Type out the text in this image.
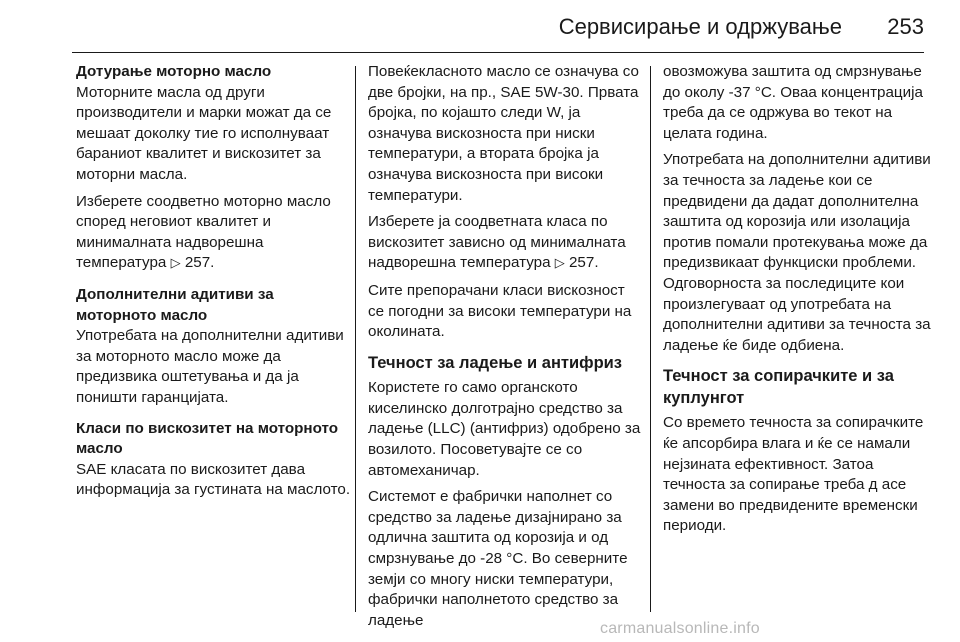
Сервисирање и одржување 253

Дотурање моторно масло

Моторните масла од други производители и марки можат да се мешаат доколку тие го исполнуваат бараниот квалитет и вискозитет за моторни масла.

Изберете соодветно моторно масло според неговиот квалитет и минималната надворешна температура ▷ 257.

Дополнителни адитиви за моторното масло

Употребата на дополнителни адитиви за моторното масло може да предизвика оштетувања и да ја поништи гаранцијата.

Класи по вискозитет на моторното масло

SAE класата по вискозитет дава информација за густината на маслото.

Повеќекласното масло се означува со две бројки, на пр., SAE 5W-30. Првата бројка, по којашто следи W, ја означува вискозноста при ниски температури, а втората бројка ја означува вискозноста при високи температури.

Изберете ја соодветната класа по вискозитет зависно од минималната надворешна температура ▷ 257.

Сите препорачани класи вискозност се погодни за високи температури на околината.

Течност за ладење и антифриз

Користете го само органското киселинско долготрајно средство за ладење (LLC) (антифриз) одобрено за возилото. Посоветувајте се со автомеханичар.

Системот е фабрички наполнет со средство за ладење дизајнирано за одлична заштита од корозија и од смрзнување до -28 °C. Во северните земји со многу ниски температури, фабрички наполнетото средство за ладење

овозможува заштита од смрзнување до околу -37 °C. Оваа концентрација треба да се одржува во текот на целата година.

Употребата на дополнителни адитиви за течноста за ладење кои се предвидени да дадат дополнителна заштита од корозија или изолација против помали протекувања може да предизвикаат функциски проблеми. Одговорноста за последиците кои произлегуваат од употребата на дополнителни адитиви за течноста за ладење ќе биде одбиена.

Течност за сопирачките и за куплунгот

Со времето течноста за сопирачките ќе апсорбира влага и ќе се намали нејзината ефективност. Затоа течноста за сопирање треба д асе замени во предвидените временски периоди.

carmanualsonline.info
